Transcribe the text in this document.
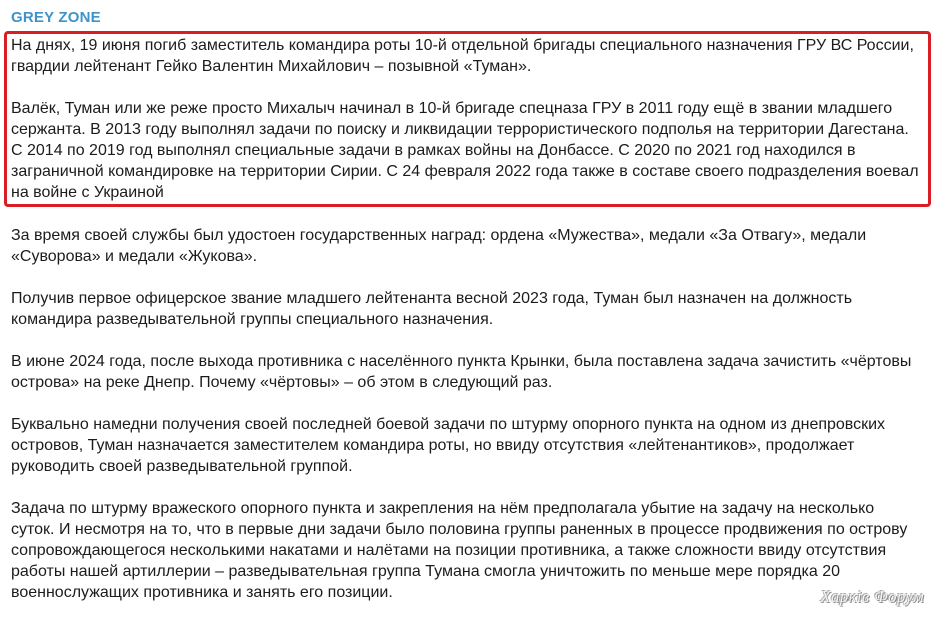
GREY ZONE

На днях, 19 июня погиб заместитель командира роты 10-й отдельной бригады специального назначения ГРУ ВС России,
гвардии лейтенант Гейко Валентин Михайлович – позывной «Туман».

Валёк, Туман или же реже просто Михалыч начинал в 10-й бригаде спецназа ГРУ в 2011 году ещё в звании младшего
сержанта. В 2013 году выполнял задачи по поиску и ликвидации террористического подполья на территории Дагестана.
С 2014 по 2019 год выполнял специальные задачи в рамках войны на Донбассе. С 2020 по 2021 год находился в
заграничной командировке на территории Сирии. С 24 февраля 2022 года также в составе своего подразделения воевал
на войне с Украиной

За время своей службы был удостоен государственных наград: ордена «Мужества», медали «За Отвагу», медали
«Суворова» и медали «Жукова».

Получив первое офицерское звание младшего лейтенанта весной 2023 года, Туман был назначен на должность
командира разведывательной группы специального назначения.

В июне 2024 года, после выхода противника с населённого пункта Крынки, была поставлена задача зачистить «чёртовы
острова» на реке Днепр. Почему «чёртовы» – об этом в следующий раз.

Буквально намедни получения своей последней боевой задачи по штурму опорного пункта на одном из днепровских
островов, Туман назначается заместителем командира роты, но ввиду отсутствия «лейтенантиков», продолжает
руководить своей разведывательной группой.

Задача по штурму вражеского опорного пункта и закрепления на нём предполагала убытие на задачу на несколько
суток. И несмотря на то, что в первые дни задачи было половина группы раненных в процессе продвижения по острову
сопровождающегося несколькими накатами и налётами на позиции противника, а также сложности ввиду отсутствия
работы нашей артиллерии – разведывательная группа Тумана смогла уничтожить по меньше мере порядка 20
военнослужащих противника и занять его позиции.	Харків Форум
